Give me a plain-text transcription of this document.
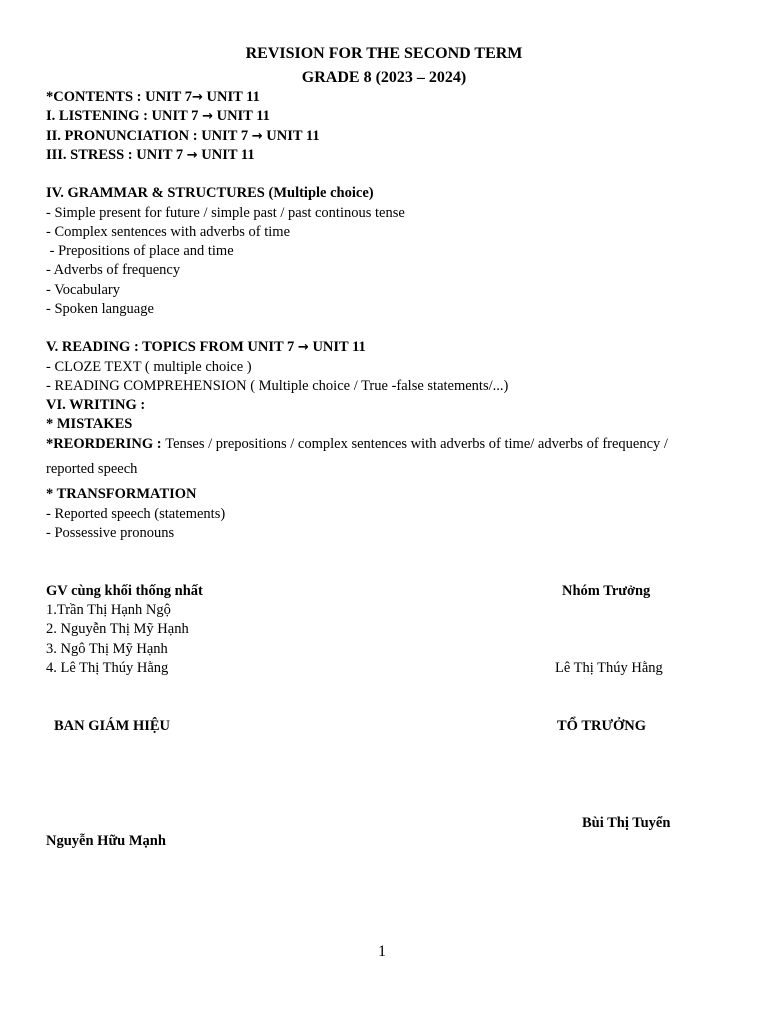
REVISION FOR THE SECOND TERM
GRADE 8 (2023 – 2024)
*CONTENTS : UNIT 7→ UNIT 11
I. LISTENING : UNIT 7 → UNIT 11
II. PRONUNCIATION : UNIT 7 → UNIT 11
III. STRESS : UNIT 7 → UNIT 11
IV. GRAMMAR & STRUCTURES (Multiple choice)
- Simple present for future / simple past / past continous tense
- Complex sentences with adverbs of time
- Prepositions of place and time
- Adverbs of frequency
- Vocabulary
- Spoken language
V. READING : TOPICS FROM UNIT 7 → UNIT 11
- CLOZE TEXT ( multiple choice )
- READING COMPREHENSION ( Multiple choice / True -false statements/...)
VI. WRITING :
* MISTAKES
*REORDERING : Tenses / prepositions / complex sentences with adverbs of time/ adverbs of frequency /
reported speech
* TRANSFORMATION
- Reported speech (statements)
- Possessive pronouns
GV cùng khối thống nhất	Nhóm Trưởng
1.Trần Thị Hạnh Ngộ
2. Nguyễn Thị Mỹ Hạnh
3. Ngô Thị Mỹ Hạnh
4. Lê Thị Thúy Hằng	Lê Thị Thúy Hằng
BAN GIÁM HIỆU	TỔ TRƯỞNG
Bùi Thị Tuyển
Nguyễn Hữu Mạnh
1
